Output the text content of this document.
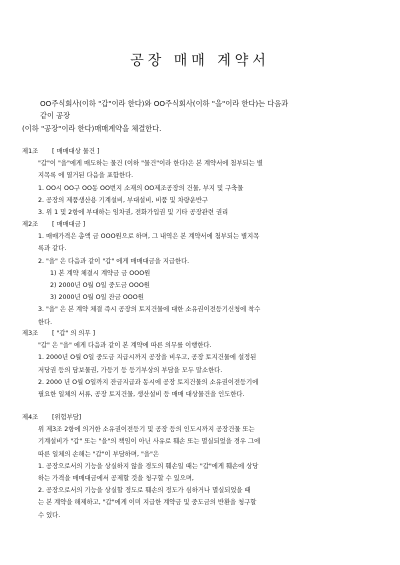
공장 매매 계약서
OO주식회사(이하 "갑"이라 한다)와 OO주식회사(이하 "을"이라 한다)는 다음과
같이 공장
(이하 "공장"이라 한다)매매계약을 체결한다.
제1조 [ 매매대상 물건 ]
"갑"이 "을"에게 매도하는 물건 (이하 "물건"이라 한다)은 본 계약서에 첨부되는 별
지목록 에 열거된 다음을 포함한다.
1. OO시 OO구 OO동 OO번지 소재의 OO제조공장의 건물, 부지 및 구축물
2. 공장의 제품생산용 기계설비, 부대설비, 비품 및 차량운반구
3. 위 1 및 2항에 부대하는 임차권, 전화가입권 및 기타 공장관련 권리
제2조 [ 매매대금 ]
1. 매매가격은 총액 금 OOO원으로 하며, 그 내역은 본 계약서에 첨부되는 별지목
록과 같다.
2. "을" 은 다음과 같이 "갑" 에게 매매대금을 지급한다.
1) 본 계약 체결시 계약금 금 OOO원
2) 2000년 O월 O일 중도금 OOO원
3) 2000년 O월 O일 잔금 OOO원
3. "을" 은 본 계약 체결 즉시 공장의 토지건물에 대한 소유권이전등기신청에 착수
한다.
제3조 [ "갑" 의 의무 ]
"갑" 은 "을" 에게 다음과 같이 본 계약에 따른 의무를 이행한다.
1. 2000년 O월 O일 중도금 지급시까지 공장을 비우고, 공장 토지건물에 설정된
저당권 등의 담보물권, 가등기 등 등기부상의 부담을 모두 말소한다.
2. 2000 년 O월 O일까지 잔금지급과 동시에 공장 토지건물의 소유권이전등기에
필요한 일체의 서류, 공장 토지건물, 생산설비 등 매매 대상물건을 인도한다.
제4조 [위험부담]
위 제3조 2항에 의거한 소유권이전등기 및 공장 등의 인도시까지 공장건물 또는
기계설비가 "갑" 또는 "을"의 책임이 아닌 사유로 훼손 또는 멸실되었을 경우 그에
따른 일체의 손해는 "갑"이 부담하며, "을"은
1. 공장으로서의 기능을 상실하지 않을 경도의 훼손일 때는 "갑"에게 훼손에 상당
하는 가격을 매매대금에서 공제할 것을 청구할 수 있으며,
2. 공장으로서의 기능을 상실할 정도로 훼손의 정도가 심하거나 멸실되었을 때
는 본 계약을 해제하고, "갑"에게 이미 지급한 계약금 및 중도금의 반환을 청구할
수 있다.
